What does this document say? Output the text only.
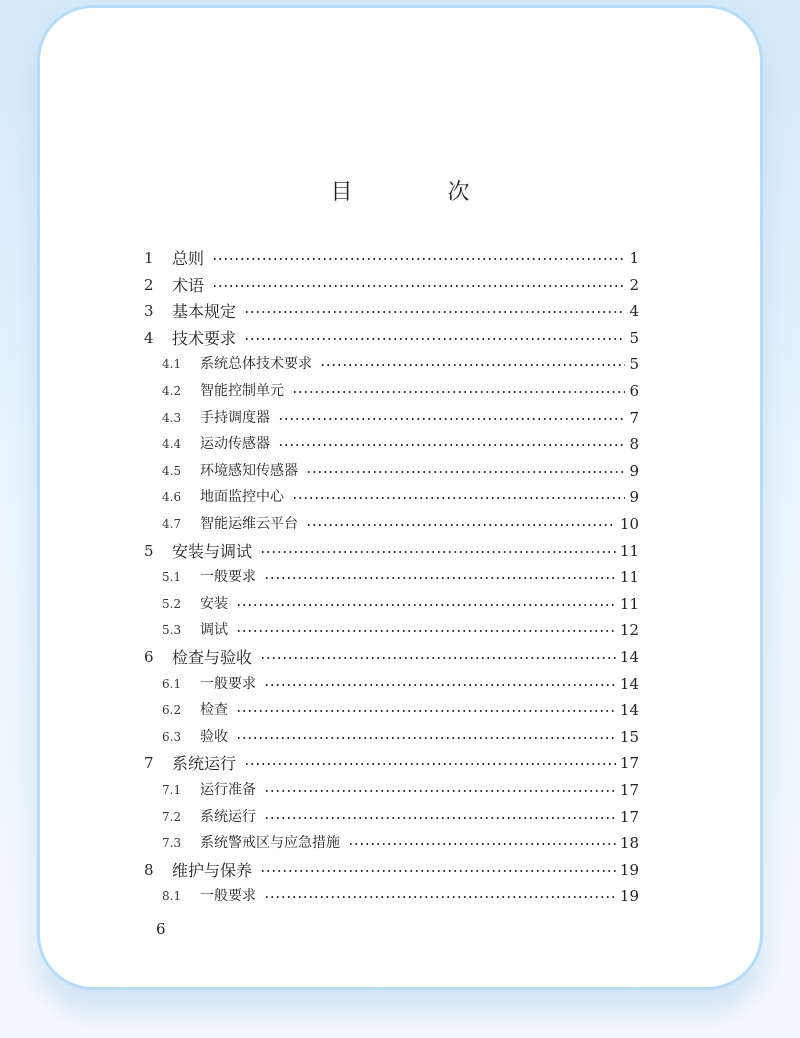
目 次
1 总则	1
2 术语	2
3 基本规定	4
4 技术要求	5
4.1 系统总体技术要求	5
4.2 智能控制单元	6
4.3 手持调度器	7
4.4 运动传感器	8
4.5 环境感知传感器	9
4.6 地面监控中心	9
4.7 智能运维云平台	10
5 安装与调试	11
5.1 一般要求	11
5.2 安装	11
5.3 调试	12
6 检查与验收	14
6.1 一般要求	14
6.2 检查	14
6.3 验收	15
7 系统运行	17
7.1 运行准备	17
7.2 系统运行	17
7.3 系统警戒区与应急措施	18
8 维护与保养	19
8.1 一般要求	19
6
